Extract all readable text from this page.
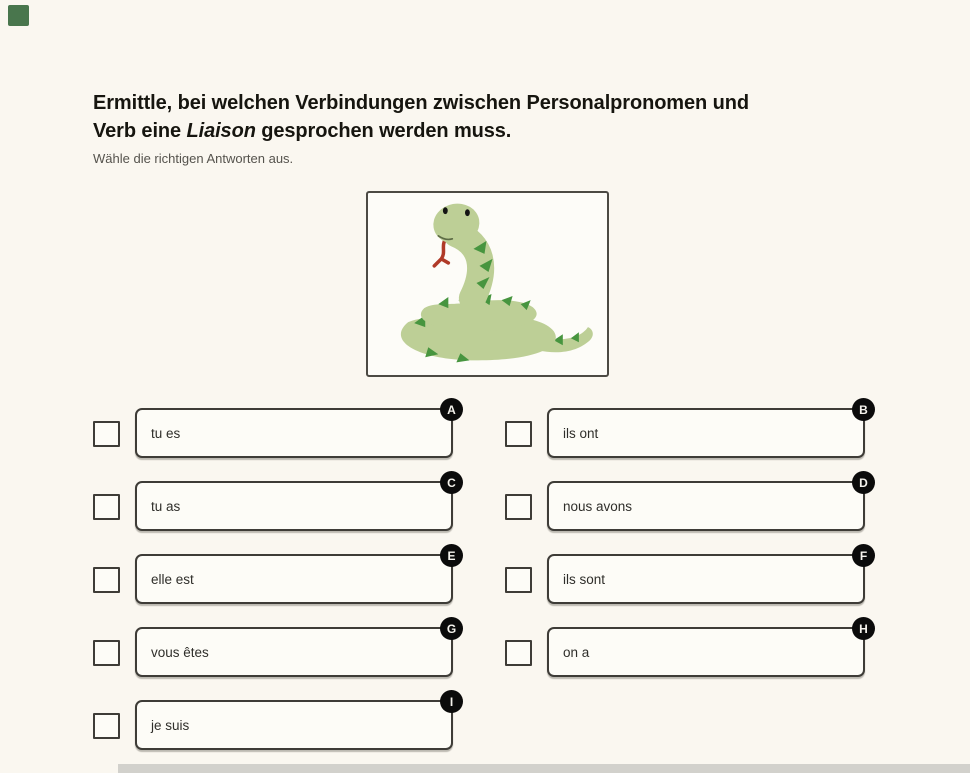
Ermittle, bei welchen Verbindungen zwischen Personalpronomen und
Verb eine Liaison gesprochen werden muss.
Wähle die richtigen Antworten aus.
tu es
A
ils ont
B
tu as
C
nous avons
D
elle est
E
ils sont
F
vous êtes
G
on a
H
je suis
I
